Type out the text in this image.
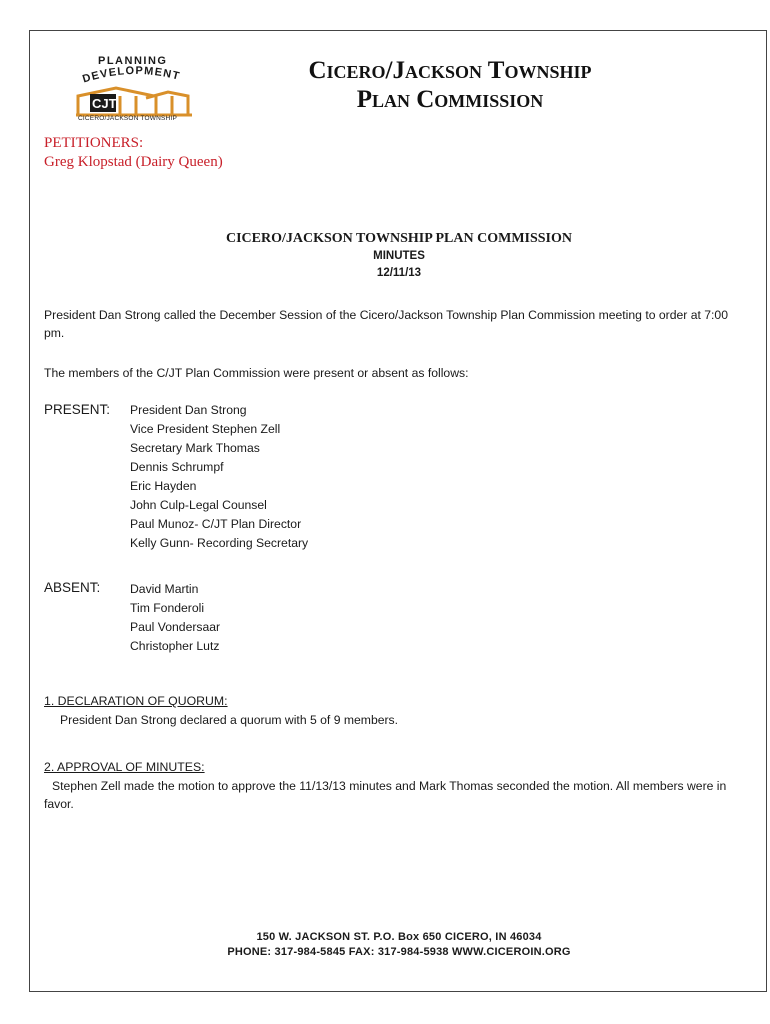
PLANNING
DEVELOPMENT
CJT
CICERO/JACKSON TOWNSHIP
Cicero/Jackson Township
Plan Commission
PETITIONERS:
Greg Klopstad (Dairy Queen)

CICERO/JACKSON TOWNSHIP PLAN COMMISSION

MINUTES

12/11/13

President Dan Strong called the December Session of the Cicero/Jackson Township Plan Commission meeting to order at 7:00 pm.
The members of the C/JT Plan Commission were present or absent as follows:
PRESENT: President Dan Strong
Vice President Stephen Zell
Secretary Mark Thomas
Dennis Schrumpf
Eric Hayden
John Culp-Legal Counsel
Paul Munoz- C/JT Plan Director
Kelly Gunn- Recording Secretary
ABSENT: David Martin
Tim Fonderoli
Paul Vondersaar
Christopher Lutz
1. DECLARATION OF QUORUM:
President Dan Strong declared a quorum with 5 of 9 members.
2. APPROVAL OF MINUTES:
Stephen Zell made the motion to approve the 11/13/13 minutes and Mark Thomas seconded the motion. All members were in favor.
150 W. JACKSON ST. P.O. Box 650 CICERO, IN 46034
PHONE: 317-984-5845 FAX: 317-984-5938 WWW.CICEROIN.ORG
